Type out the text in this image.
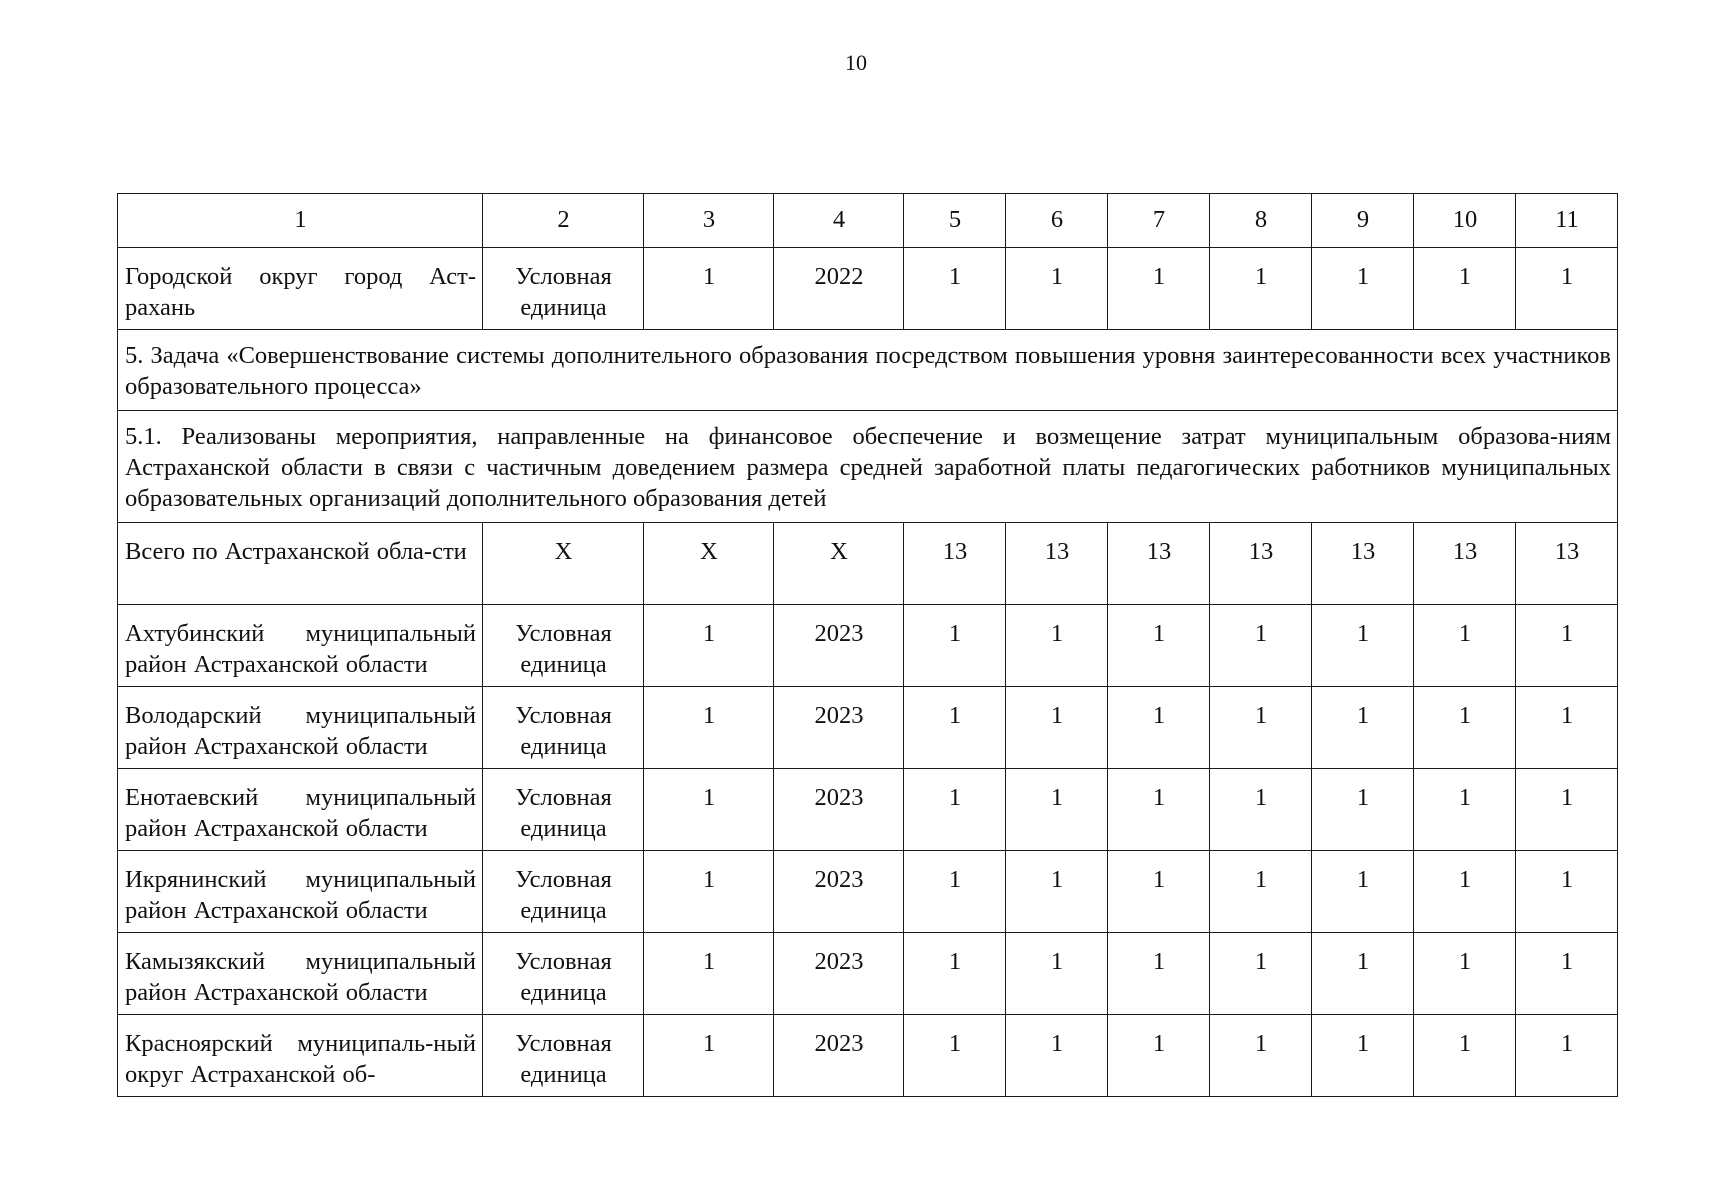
10
1	2	3	4	5	6	7	8	9	10	11
Городской округ город Аст-рахань	Условная единица	1	2022	1	1	1	1	1	1	1
5. Задача «Совершенствование системы дополнительного образования посредством повышения уровня заинтересованности всех участников образовательного процесса»										
5.1. Реализованы мероприятия, направленные на финансовое обеспечение и возмещение затрат муниципальным образова-ниям Астраханской области в связи с частичным доведением размера средней заработной платы педагогических работников муниципальных образовательных организаций дополнительного образования детей										
Всего по Астраханской обла-сти	X	X	X	13	13	13	13	13	13	13
Ахтубинский муниципальный район Астраханской области	Условная единица	1	2023	1	1	1	1	1	1	1
Володарский муниципальный район Астраханской области	Условная единица	1	2023	1	1	1	1	1	1	1
Енотаевский муниципальный район Астраханской области	Условная единица	1	2023	1	1	1	1	1	1	1
Икрянинский муниципальный район Астраханской области	Условная единица	1	2023	1	1	1	1	1	1	1
Камызякский муниципальный район Астраханской области	Условная единица	1	2023	1	1	1	1	1	1	1
Красноярский муниципаль-ный округ Астраханской об-	Условная единица	1	2023	1	1	1	1	1	1	1
